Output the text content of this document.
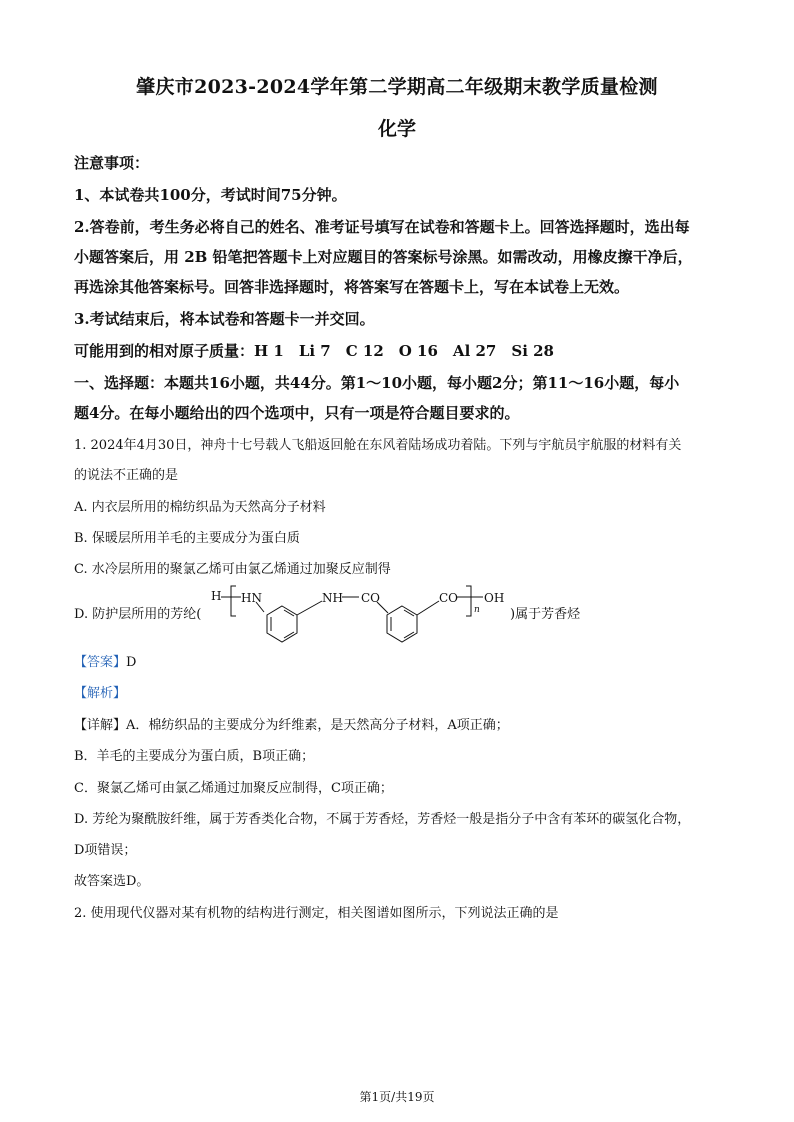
肇庆市2023-2024学年第二学期高二年级期末教学质量检测
化学
注意事项：
1、本试卷共100分，考试时间75分钟。
2.答卷前，考生务必将自己的姓名、准考证号填写在试卷和答题卡上。回答选择题时，选出每
小题答案后，用 2B 铅笔把答题卡上对应题目的答案标号涂黑。如需改动，用橡皮擦干净后，
再选涂其他答案标号。回答非选择题时，将答案写在答题卡上，写在本试卷上无效。
3.考试结束后，将本试卷和答题卡一并交回。
可能用到的相对原子质量：H 1　Li 7　C 12　O 16　Al 27　Si 28
一、选择题：本题共16小题，共44分。第1～10小题，每小题2分；第11～16小题，每小
题4分。在每小题给出的四个选项中，只有一项是符合题目要求的。
1. 2024年4月30日，神舟十七号载人飞船返回舱在东风着陆场成功着陆。下列与宇航员宇航服的材料有关
的说法不正确的是
A. 内衣层所用的棉纺织品为天然高分子材料
B. 保暖层所用羊毛的主要成分为蛋白质
C. 水冷层所用的聚氯乙烯可由氯乙烯通过加聚反应制得
D. 防护层所用的芳纶(	)属于芳香烃
H HN	NH CO	CO
n
OH
【答案】D
【解析】
【详解】A．棉纺织品的主要成分为纤维素，是天然高分子材料，A项正确；
B．羊毛的主要成分为蛋白质，B项正确；
C．聚氯乙烯可由氯乙烯通过加聚反应制得，C项正确；
D. 芳纶为聚酰胺纤维，属于芳香类化合物，不属于芳香烃，芳香烃一般是指分子中含有苯环的碳氢化合物，
D项错误；
故答案选D。
2. 使用现代仪器对某有机物的结构进行测定，相关图谱如图所示，下列说法正确的是
第1页/共19页
